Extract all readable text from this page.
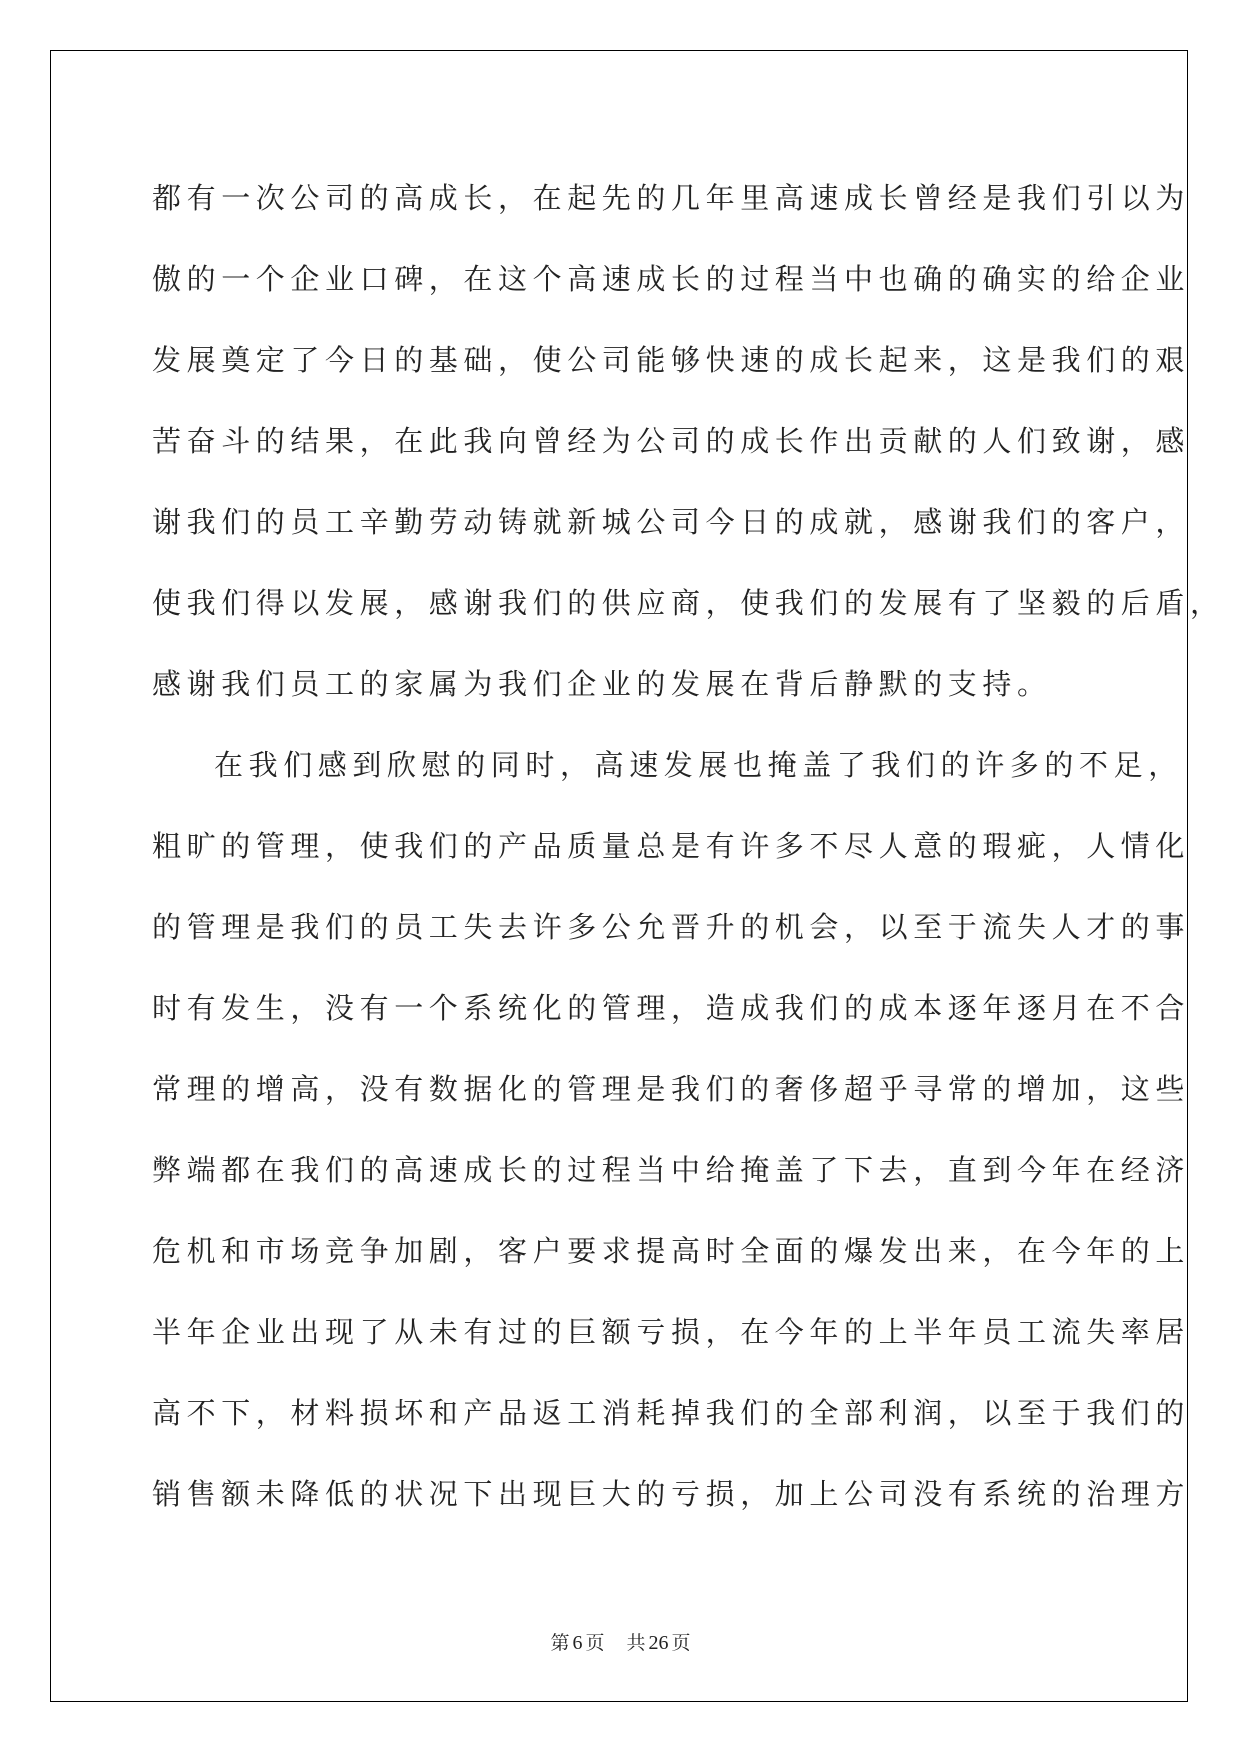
都有一次公司的高成长，在起先的几年里高速成长曾经是我们引以为
傲的一个企业口碑，在这个高速成长的过程当中也确的确实的给企业
发展奠定了今日的基础，使公司能够快速的成长起来，这是我们的艰
苦奋斗的结果，在此我向曾经为公司的成长作出贡献的人们致谢，感
谢我们的员工辛勤劳动铸就新城公司今日的成就，感谢我们的客户，
使我们得以发展，感谢我们的供应商，使我们的发展有了坚毅的后盾，
感谢我们员工的家属为我们企业的发展在背后静默的支持。
在我们感到欣慰的同时，高速发展也掩盖了我们的许多的不足，
粗旷的管理，使我们的产品质量总是有许多不尽人意的瑕疵，人情化
的管理是我们的员工失去许多公允晋升的机会，以至于流失人才的事
时有发生，没有一个系统化的管理，造成我们的成本逐年逐月在不合
常理的增高，没有数据化的管理是我们的奢侈超乎寻常的增加，这些
弊端都在我们的高速成长的过程当中给掩盖了下去，直到今年在经济
危机和市场竞争加剧，客户要求提高时全面的爆发出来，在今年的上
半年企业出现了从未有过的巨额亏损，在今年的上半年员工流失率居
高不下，材料损坏和产品返工消耗掉我们的全部利润，以至于我们的
销售额未降低的状况下出现巨大的亏损，加上公司没有系统的治理方
第 6 页 共 26 页
